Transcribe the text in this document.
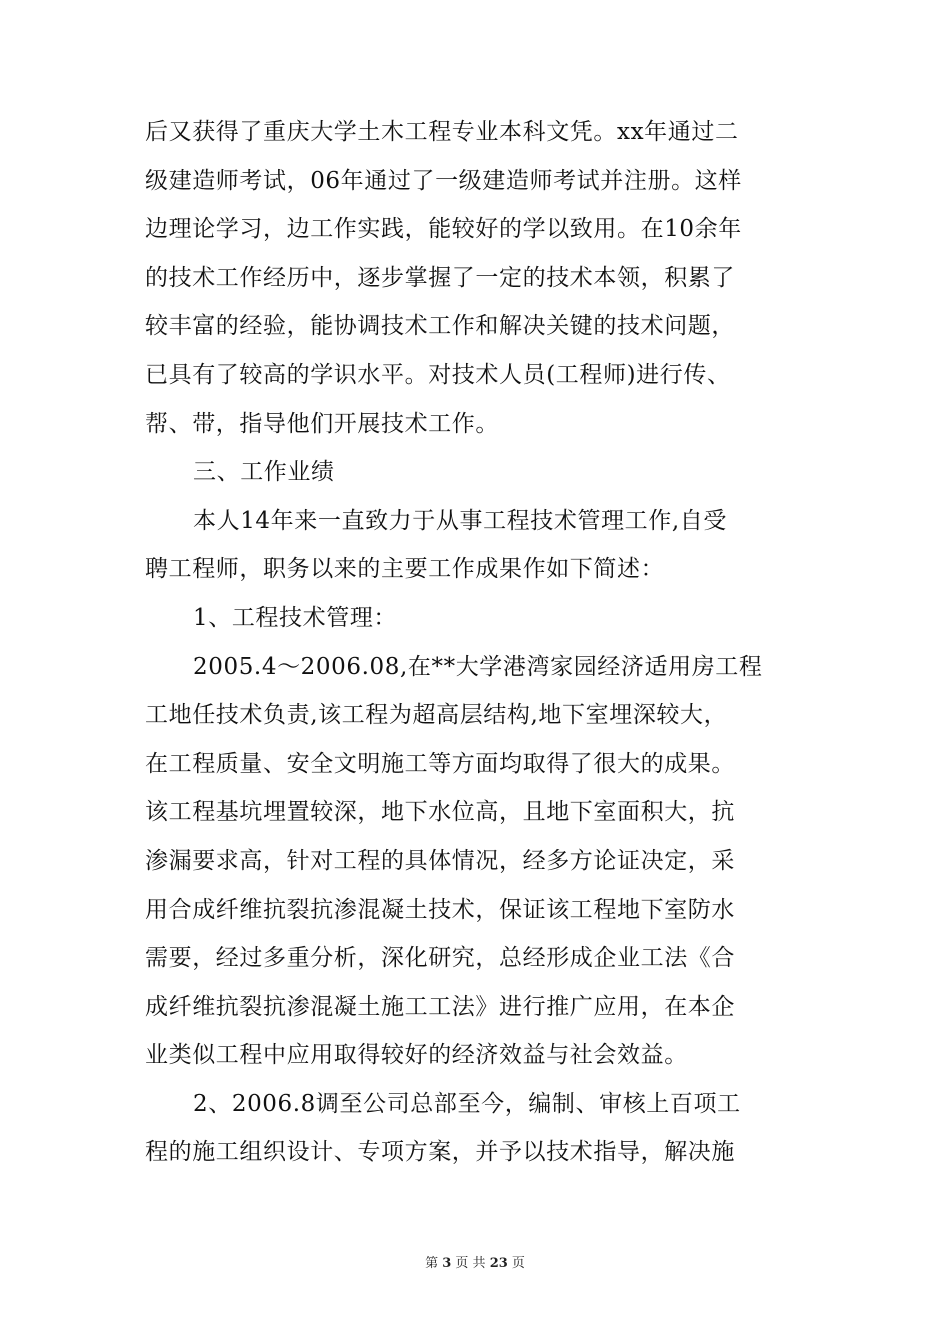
后又获得了重庆大学土木工程专业本科文凭。xx年通过二
级建造师考试，06年通过了一级建造师考试并注册。这样
边理论学习，边工作实践，能较好的学以致用。在10余年
的技术工作经历中，逐步掌握了一定的技术本领，积累了
较丰富的经验，能协调技术工作和解决关键的技术问题，
已具有了较高的学识水平。对技术人员(工程师)进行传、
帮、带，指导他们开展技术工作。
三、工作业绩
本人14年来一直致力于从事工程技术管理工作,自受
聘工程师，职务以来的主要工作成果作如下简述：
1、工程技术管理：
2005.4～2006.08,在**大学港湾家园经济适用房工程
工地任技术负责,该工程为超高层结构,地下室埋深较大，
在工程质量、安全文明施工等方面均取得了很大的成果。
该工程基坑埋置较深，地下水位高，且地下室面积大，抗
渗漏要求高，针对工程的具体情况，经多方论证决定，采
用合成纤维抗裂抗渗混凝土技术，保证该工程地下室防水
需要，经过多重分析，深化研究，总经形成企业工法《合
成纤维抗裂抗渗混凝土施工工法》进行推广应用，在本企
业类似工程中应用取得较好的经济效益与社会效益。
2、2006.8调至公司总部至今，编制、审核上百项工
程的施工组织设计、专项方案，并予以技术指导，解决施
第 3 页 共 23 页
